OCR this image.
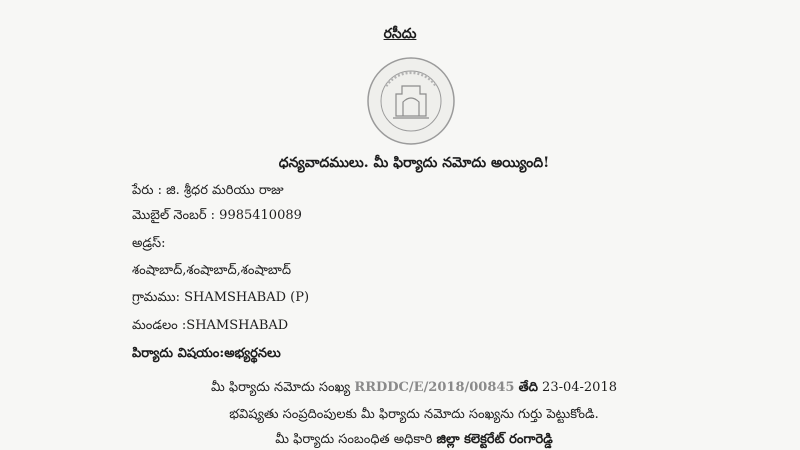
రసీదు
ధన్యవాదములు. మీ ఫిర్యాదు నమోదు అయ్యింది!
పేరు : జి. శ్రీధర మరియు రాజు
మొబైల్ నెంబర్ : 9985410089
అడ్రస్:
శంషాబాద్,శంషాబాద్,శంషాబాద్
గ్రామము: SHAMSHABAD (P)
మండలం :SHAMSHABAD
పిర్యాదు విషయం:అభ్యర్థనలు
మీ ఫిర్యాదు నమోదు సంఖ్య RRDDC/E/2018/00845 తేది 23-04-2018
భవిష్యతు సంప్రదింపులకు మీ ఫిర్యాదు నమోదు సంఖ్యను గుర్తు పెట్టుకోండి.
మీ ఫిర్యాదు సంబంధిత అధికారి జిల్లా కలెక్టరేట్ రంగారెడ్డి
